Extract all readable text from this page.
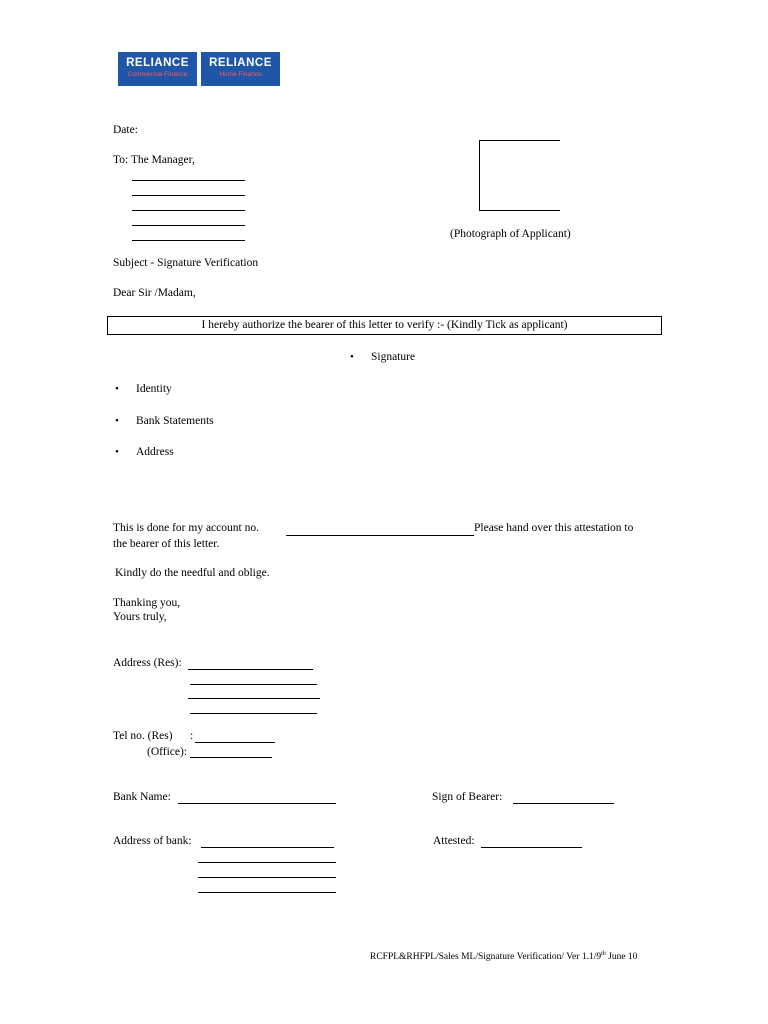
RELIANCE
Commercial Finance
RELIANCE
Home Finance
Date:
To: The Manager,
(Photograph of Applicant)
Subject - Signature Verification
Dear Sir /Madam,
I hereby authorize the bearer of this letter to verify :- (Kindly Tick as applicant)
• Signature
• Identity
• Bank Statements
• Address
This is done for my account no.	Please hand over this attestation to
the bearer of this letter.
Kindly do the needful and oblige.
Thanking you,
Yours truly,
Address (Res):
Tel no. (Res) :
(Office):
Bank Name:	Sign of Bearer:
Address of bank:	Attested:
RCFPL&RHFPL/Sales ML/Signature Verification/ Ver 1.1/9th June 10
